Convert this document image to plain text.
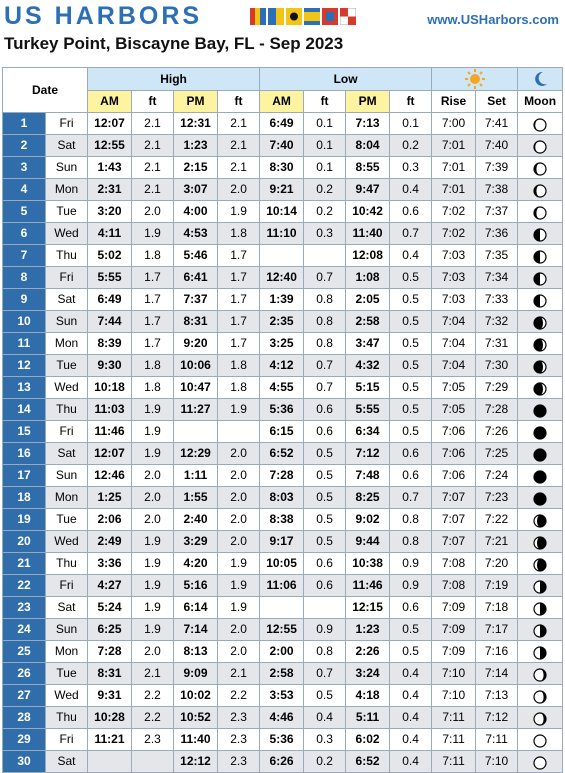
US HARBORS	www.USHarbors.com
Turkey Point, Biscayne Bay, FL - Sep 2023
Date		High				Low	

		AM	ft	PM	ft	AM	ft	PM	ft	Rise	Set	Moon
1	Fri	12:07	2.1	12:31	2.1	6:49	0.1	7:13	0.1	7:00	7:41	

2	Sat	12:55	2.1	1:23	2.1	7:40	0.1	8:04	0.2	7:01	7:40	

3	Sun	1:43	2.1	2:15	2.1	8:30	0.1	8:55	0.3	7:01	7:39	

4	Mon	2:31	2.1	3:07	2.0	9:21	0.2	9:47	0.4	7:01	7:38	

5	Tue	3:20	2.0	4:00	1.9	10:14	0.2	10:42	0.6	7:02	7:37	

6	Wed	4:11	1.9	4:53	1.8	11:10	0.3	11:40	0.7	7:02	7:36	

7	Thu	5:02	1.8	5:46	1.7			12:08	0.4	7:03	7:35	

8	Fri	5:55	1.7	6:41	1.7	12:40	0.7	1:08	0.5	7:03	7:34	

9	Sat	6:49	1.7	7:37	1.7	1:39	0.8	2:05	0.5	7:03	7:33	

10	Sun	7:44	1.7	8:31	1.7	2:35	0.8	2:58	0.5	7:04	7:32	

11	Mon	8:39	1.7	9:20	1.7	3:25	0.8	3:47	0.5	7:04	7:31	

12	Tue	9:30	1.8	10:06	1.8	4:12	0.7	4:32	0.5	7:04	7:30	

13	Wed	10:18	1.8	10:47	1.8	4:55	0.7	5:15	0.5	7:05	7:29	

14	Thu	11:03	1.9	11:27	1.9	5:36	0.6	5:55	0.5	7:05	7:28	

15	Fri	11:46	1.9			6:15	0.6	6:34	0.5	7:06	7:26	

16	Sat	12:07	1.9	12:29	2.0	6:52	0.5	7:12	0.6	7:06	7:25	

17	Sun	12:46	2.0	1:11	2.0	7:28	0.5	7:48	0.6	7:06	7:24	

18	Mon	1:25	2.0	1:55	2.0	8:03	0.5	8:25	0.7	7:07	7:23	

19	Tue	2:06	2.0	2:40	2.0	8:38	0.5	9:02	0.8	7:07	7:22	

20	Wed	2:49	1.9	3:29	2.0	9:17	0.5	9:44	0.8	7:07	7:21	

21	Thu	3:36	1.9	4:20	1.9	10:05	0.6	10:38	0.9	7:08	7:20	

22	Fri	4:27	1.9	5:16	1.9	11:06	0.6	11:46	0.9	7:08	7:19	

23	Sat	5:24	1.9	6:14	1.9			12:15	0.6	7:09	7:18	

24	Sun	6:25	1.9	7:14	2.0	12:55	0.9	1:23	0.5	7:09	7:17	

25	Mon	7:28	2.0	8:13	2.0	2:00	0.8	2:26	0.5	7:09	7:16	

26	Tue	8:31	2.1	9:09	2.1	2:58	0.7	3:24	0.4	7:10	7:14	

27	Wed	9:31	2.2	10:02	2.2	3:53	0.5	4:18	0.4	7:10	7:13	

28	Thu	10:28	2.2	10:52	2.3	4:46	0.4	5:11	0.4	7:11	7:12	

29	Fri	11:21	2.3	11:40	2.3	5:36	0.3	6:02	0.4	7:11	7:11	

30	Sat			12:12	2.3	6:26	0.2	6:52	0.4	7:11	7:10	
